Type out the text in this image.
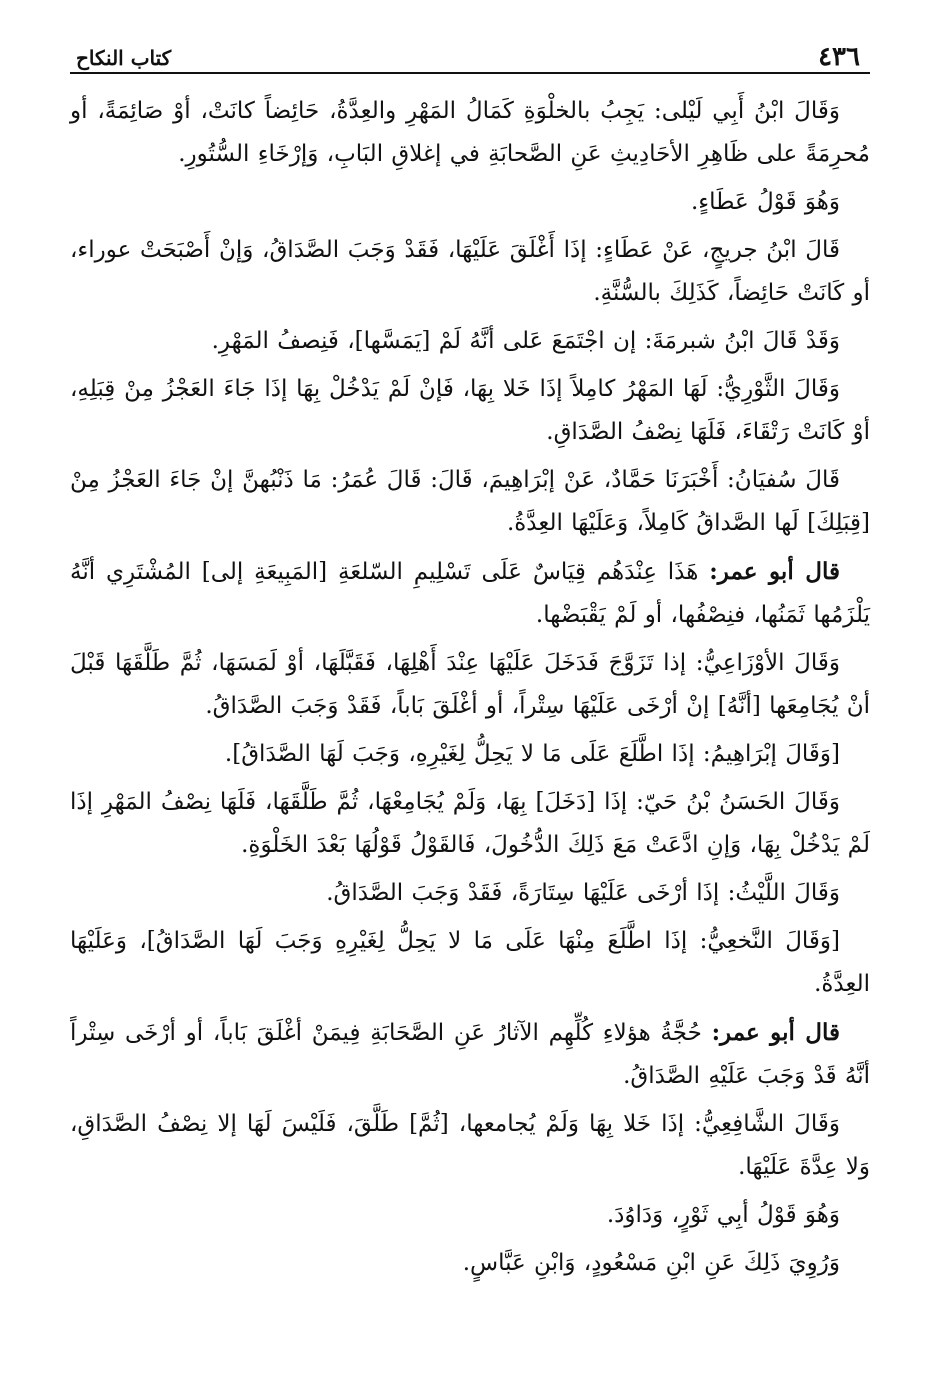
٤٣٦
كتاب النكاح

وَقَالَ ابْنُ أَبِي لَيْلى: يَجِبُ بالخلْوَةِ كَمَالُ المَهْرِ والعِدَّةُ، حَائِضاً كانَتْ، أوْ صَائِمَةً، أو مُحرِمَةً على ظَاهِرِ الأحَادِيثِ عَنِ الصَّحابَةِ في إغلاقِ البَابِ، وَإرْخَاءِ السُّتُورِ.

وَهُوَ قَوْلُ عَطَاءٍ.

قَالَ ابْنُ جريجٍ، عَنْ عَطَاءٍ: إذَا أَغْلَقَ عَلَيْهَا، فَقَدْ وَجَبَ الصَّدَاقُ، وَإنْ أَصْبَحَتْ عوراء، أو كَانَتْ حَائِضاً، كَذَلِكَ بالسُّنَّةِ.

وَقَدْ قَالَ ابْنُ شبرمَةَ: إن اجْتَمَعَ عَلى أنَّهُ لَمْ [يَمَسَّها]، فَنِصفُ المَهْرِ.

وَقَالَ الثَّوْرِيُّ: لَهَا المَهْرُ كامِلاً إذَا خَلا بِهَا، فَإنْ لَمْ يَدْخُلْ بِهَا إذَا جَاءَ العَجْزُ مِنْ قِبَلِهِ، أوْ كَانَتْ رَتْقَاءَ، فَلَهَا نِصْفُ الصَّدَاقِ.

قَالَ سُفيَانُ: أَخْبَرَنَا حَمَّادٌ، عَنْ إبْرَاهِيمَ، قَالَ: قَالَ عُمَرُ: مَا ذَنْبُهنَّ إنْ جَاءَ العَجْزُ مِنْ [قِبَلِكَ] لَها الصَّداقُ كَامِلاً، وَعَلَيْهَا العِدَّةُ.

قال أبو عمر: هَذَا عِنْدَهُم قِيَاسٌ عَلَى تَسْلِيمِ السّلعَةِ [المَبِيعَةِ إلى] المُشْتَرِي أنَّهُ يَلْزَمُها ثَمَنُها، فنِصْفُها، أو لَمْ يَقْبَضْها.

وَقَالَ الأوْزَاعِيُّ: إذا تَزَوَّجَ فَدَخَلَ عَلَيْهَا عِنْدَ أَهْلِهَا، فَقَبَّلَهَا، أوْ لَمَسَهَا، ثُمَّ طَلَّقَهَا قَبْلَ أنْ يُجَامِعَها [أنَّهُ] إنْ أرْخَى عَلَيْهَا سِتْراً، أو أغْلَقَ بَاباً، فَقَدْ وَجَبَ الصَّدَاقُ.

[وَقَالَ إبْرَاهِيمُ: إذَا اطَّلَعَ عَلَى مَا لا يَحِلُّ لِغَيْرِهِ، وَجَبَ لَهَا الصَّدَاقُ].

وَقَالَ الحَسَنُ بْنُ حَيّ: إذَا [دَخَلَ] بِهَا، وَلَمْ يُجَامِعْهَا، ثُمَّ طَلَّقَهَا، فَلَهَا نِصْفُ المَهْرِ إذَا لَمْ يَدْخُلْ بِهَا، وَإنِ ادَّعَتْ مَعَ ذَلِكَ الدُّخُولَ، فَالقَوْلُ قَوْلُهَا بَعْدَ الخَلْوَةِ.

وَقَالَ اللَّيْثُ: إذَا أرْخَى عَلَيْهَا سِتَارَةً، فَقَدْ وَجَبَ الصَّدَاقُ.

[وَقَالَ النَّخعِيُّ: إذَا اطَّلَعَ مِنْهَا عَلَى مَا لا يَحِلُّ لِغَيْرِهِ وَجَبَ لَهَا الصَّدَاقُ]، وَعَلَيْهَا العِدَّةُ.

قال أبو عمر: حُجَّةُ هؤلاءِ كُلِّهِم الآثارُ عَنِ الصَّحَابَةِ فِيمَنْ أغْلَقَ بَاباً، أو أرْخَى سِتْراً أنَّهُ قَدْ وَجَبَ عَلَيْهِ الصَّدَاقُ.

وَقَالَ الشَّافِعِيُّ: إذَا خَلا بِهَا وَلَمْ يُجامعها، [ثُمَّ] طَلَّقَ، فَلَيْسَ لَهَا إلا نِصْفُ الصَّدَاقِ، وَلا عِدَّةَ عَلَيْهَا.

وَهُوَ قَوْلُ أبِي ثَوْرٍ، وَدَاوُدَ.

وَرُوِيَ ذَلِكَ عَنِ ابْنِ مَسْعُودٍ، وَابْنِ عَبَّاسٍ.
